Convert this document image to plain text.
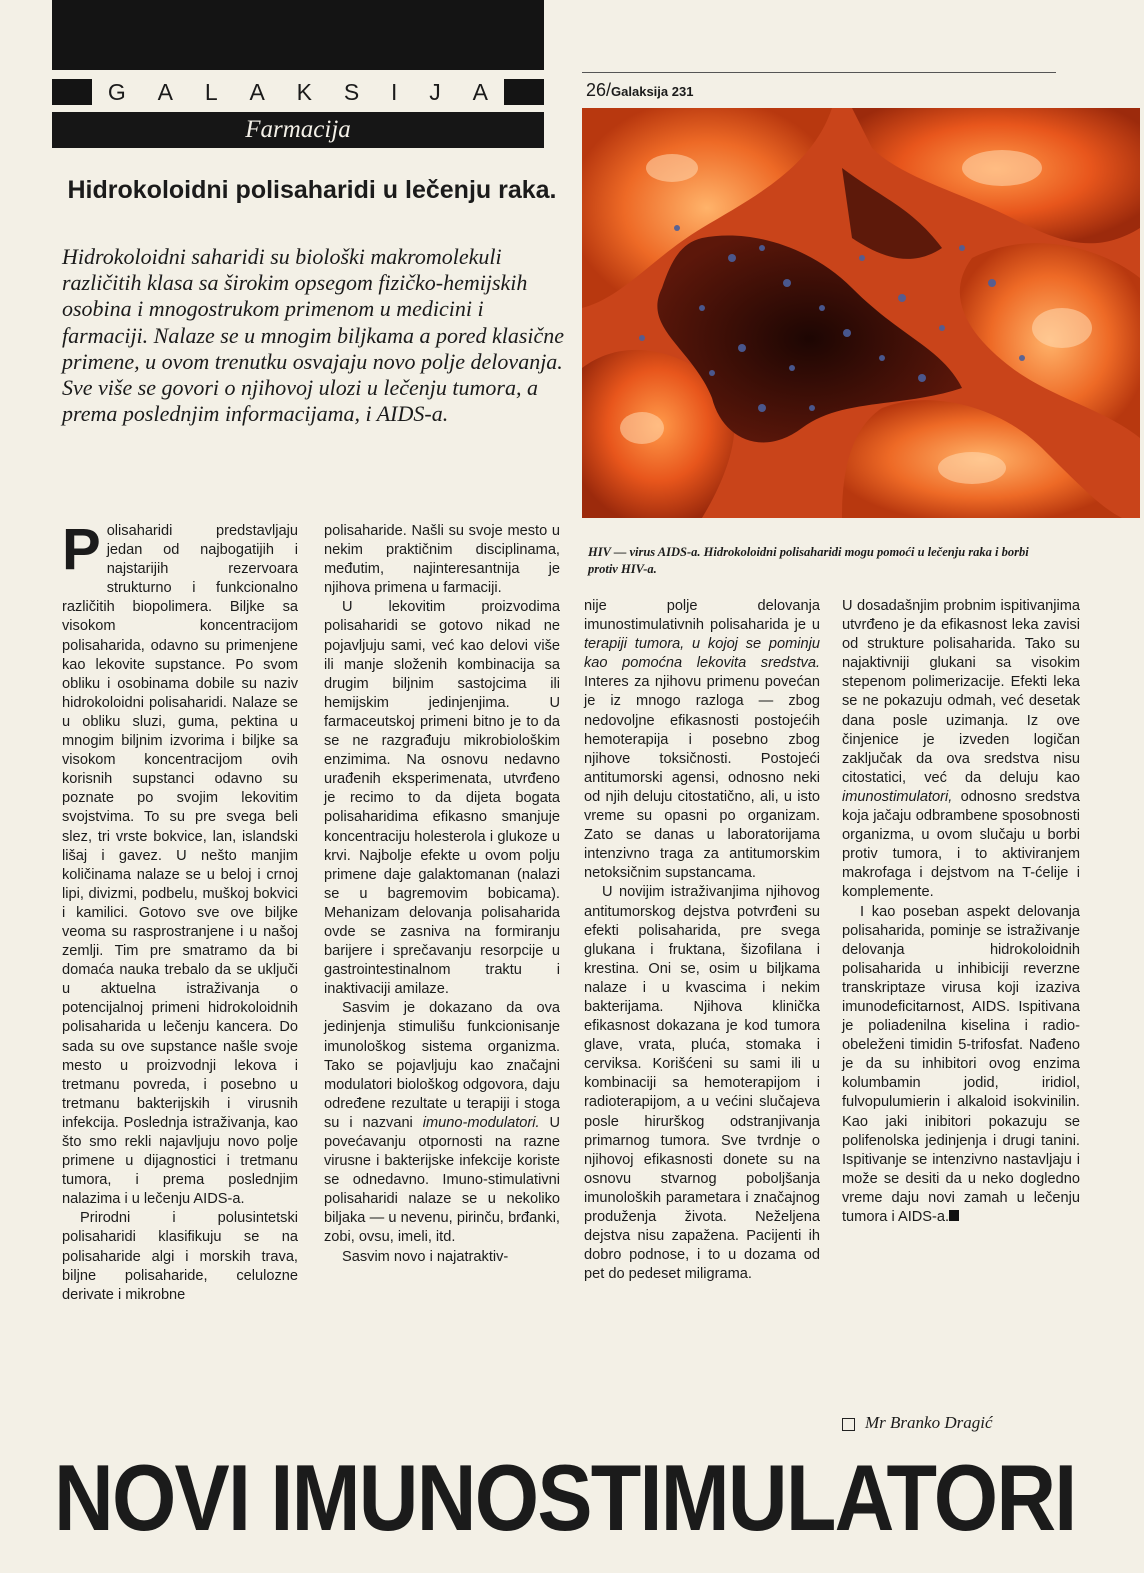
G A L A K S I J A
Farmacija
26/Galaksija 231
Hidrokoloidni polisaharidi u lečenju raka.
Hidrokoloidni saharidi su biološki makromolekuli različitih klasa sa širokim opsegom fizičko-hemijskih osobina i mnogostrukom primenom u medicini i farmaciji. Nalaze se u mnogim biljkama a pored klasične primene, u ovom trenutku osvajaju novo polje delovanja. Sve više se govori o njihovoj ulozi u lečenju tumora, a prema poslednjim informacijama, i AIDS-a.
HIV — virus AIDS-a. Hidrokoloidni polisaharidi mogu pomoći u lečenju raka i borbi protiv HIV-a.

Polisaharidi predstavljaju jedan od najbogatijih i najstarijih rezervoara strukturno i funkcionalno različitih biopolimera. Biljke sa visokom koncentracijom polisaharida, odavno su primenjene kao lekovite supstance. Po svom obliku i osobinama dobile su naziv hidrokoloidni polisaharidi. Nalaze se u obliku sluzi, guma, pektina u mnogim biljnim izvorima i biljke sa visokom koncentracijom ovih korisnih supstanci odavno su poznate po svojim lekovitim svojstvima. To su pre svega beli slez, tri vrste bokvice, lan, islandski lišaj i gavez. U nešto manjim količinama nalaze se u beloj i crnoj lipi, divizmi, podbelu, muškoj bokvici i kamilici. Gotovo sve ove biljke veoma su rasprostranjene i u našoj zemlji. Tim pre smatramo da bi domaća nauka trebalo da se uključi u aktuelna istraživanja o potencijalnoj primeni hidrokoloidnih polisaharida u lečenju kancera. Do sada su ove supstance našle svoje mesto u proizvodnji lekova i tretmanu povreda, i posebno u tretmanu bakterijskih i virusnih infekcija. Poslednja istraživanja, kao što smo rekli najavljuju novo polje primene u dijagnostici i tretmanu tumora, i prema poslednjim nalazima i u lečenju AIDS-a.

Prirodni i polusintetski polisaharidi klasifikuju se na polisaharide algi i morskih trava, biljne polisaharide, celulozne derivate i mikrobne

polisaharide. Našli su svoje mesto u nekim praktičnim disciplinama, međutim, najinteresantnija je njihova primena u farmaciji.

U lekovitim proizvodima polisaharidi se gotovo nikad ne pojavljuju sami, već kao delovi više ili manje složenih kombinacija sa drugim biljnim sastojcima ili hemijskim jedinjenjima. U farmaceutskoj primeni bitno je to da se ne razgrađuju mikrobiološkim enzimima. Na osnovu nedavno urađenih eksperimenata, utvrđeno je recimo to da dijeta bogata polisaharidima efikasno smanjuje koncentraciju holesterola i glukoze u krvi. Najbolje efekte u ovom polju primene daje galaktomanan (nalazi se u bagremovim bobicama). Mehanizam delovanja polisaharida ovde se zasniva na formiranju barijere i sprečavanju resorpcije u gastrointestinalnom traktu i inaktivaciji amilaze.

Sasvim je dokazano da ova jedinjenja stimulišu funkcionisanje imunološkog sistema organizma. Tako se pojavljuju kao značajni modulatori biološkog odgovora, daju određene rezultate u terapiji i stoga su i nazvani imuno-modulatori. U povećavanju otpornosti na razne virusne i bakterijske infekcije koriste se odnedavno. Imuno-stimulativni polisaharidi nalaze se u nekoliko biljaka — u nevenu, pirinču, brđanki, zobi, ovsu, imeli, itd.

Sasvim novo i najatraktiv-

nije polje delovanja imunostimulativnih polisaharida je u terapiji tumora, u kojoj se pominju kao pomoćna lekovita sredstva. Interes za njihovu primenu povećan je iz mnogo razloga — zbog nedovoljne efikasnosti postojećih hemoterapija i posebno zbog njihove toksičnosti. Postojeći antitumorski agensi, odnosno neki od njih deluju citostatično, ali, u isto vreme su opasni po organizam. Zato se danas u laboratorijama intenzivno traga za antitumorskim netoksičnim supstancama.

U novijim istraživanjima njihovog antitumorskog dejstva potvrđeni su efekti polisaharida, pre svega glukana i fruktana, šizofilana i krestina. Oni se, osim u biljkama nalaze i u kvascima i nekim bakterijama. Njihova klinička efikasnost dokazana je kod tumora glave, vrata, pluća, stomaka i cerviksa. Korišćeni su sami ili u kombinaciji sa hemoterapijom i radioterapijom, a u većini slučajeva posle hirurškog odstranjivanja primarnog tumora. Sve tvrdnje o njihovoj efikasnosti donete su na osnovu stvarnog poboljšanja imunoloških parametara i značajnog produženja života. Neželjena dejstva nisu zapažena. Pacijenti ih dobro podnose, i to u dozama od pet do pedeset miligrama.

U dosadašnjim probnim ispitivanjima utvrđeno je da efikasnost leka zavisi od strukture polisaharida. Tako su najaktivniji glukani sa visokim stepenom polimerizacije. Efekti leka se ne pokazuju odmah, već desetak dana posle uzimanja. Iz ove činjenice je izveden logičan zaključak da ova sredstva nisu citostatici, već da deluju kao imunostimulatori, odnosno sredstva koja jačaju odbrambene sposobnosti organizma, u ovom slučaju u borbi protiv tumora, i to aktiviranjem makrofaga i dejstvom na T-ćelije i komplemente.

I kao poseban aspekt delovanja polisaharida, pominje se istraživanje delovanja hidrokoloidnih polisaharida u inhibiciji reverzne transkriptaze virusa koji izaziva imunodeficitarnost, AIDS. Ispitivana je poliadenilna kiselina i radio-obeleženi timidin 5-trifosfat. Nađeno je da su inhibitori ovog enzima kolumbamin jodid, iridiol, fulvopulumierin i alkaloid isokvinilin. Kao jaki inibitori pokazuju se polifenolska jedinjenja i drugi tanini. Ispitivanje se intenzivno nastavljaju i može se desiti da u neko dogledno vreme daju novi zamah u lečenju tumora i AIDS-a.

Mr Branko Dragić
NOVI IMUNOSTIMULATORI
